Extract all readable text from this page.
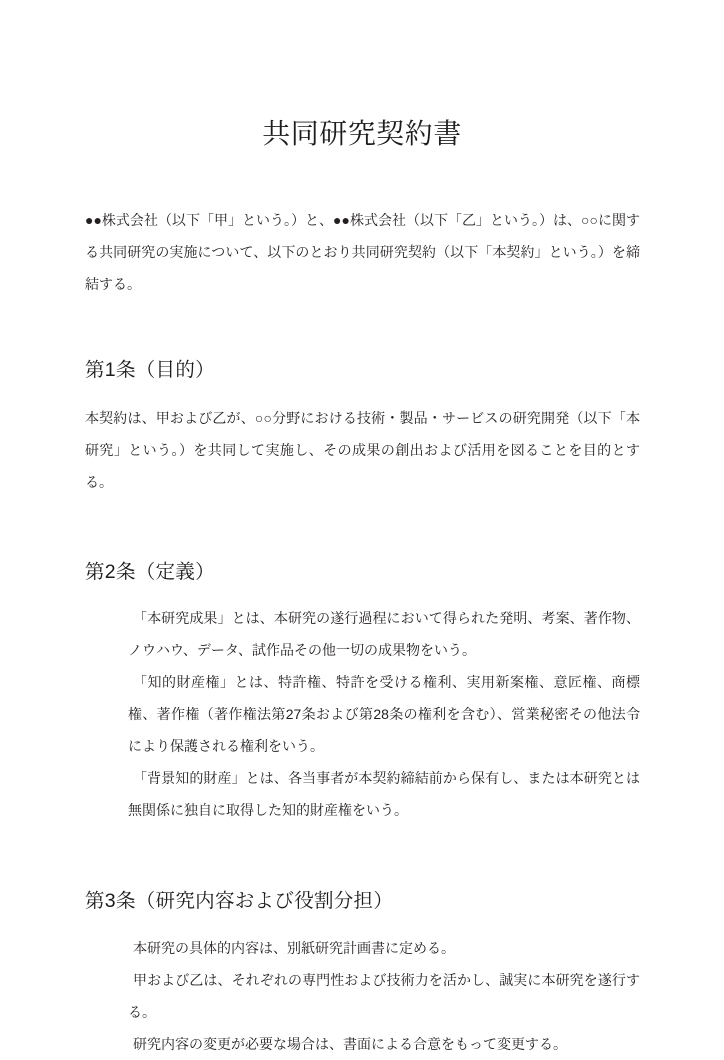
共同研究契約書

●●株式会社（以下「甲」という。）と、●●株式会社（以下「乙」という。）は、○○に関する共同研究の実施について、以下のとおり共同研究契約（以下「本契約」という。）を締結する。

第1条（目的）

本契約は、甲および乙が、○○分野における技術・製品・サービスの研究開発（以下「本研究」という。）を共同して実施し、その成果の創出および活用を図ることを目的とする。

第2条（定義）

「本研究成果」とは、本研究の遂行過程において得られた発明、考案、著作物、ノウハウ、データ、試作品その他一切の成果物をいう。

「知的財産権」とは、特許権、特許を受ける権利、実用新案権、意匠権、商標権、著作権（著作権法第27条および第28条の権利を含む）、営業秘密その他法令により保護される権利をいう。

「背景知的財産」とは、各当事者が本契約締結前から保有し、または本研究とは無関係に独自に取得した知的財産権をいう。

第3条（研究内容および役割分担）

本研究の具体的内容は、別紙研究計画書に定める。

甲および乙は、それぞれの専門性および技術力を活かし、誠実に本研究を遂行する。

研究内容の変更が必要な場合は、書面による合意をもって変更する。
